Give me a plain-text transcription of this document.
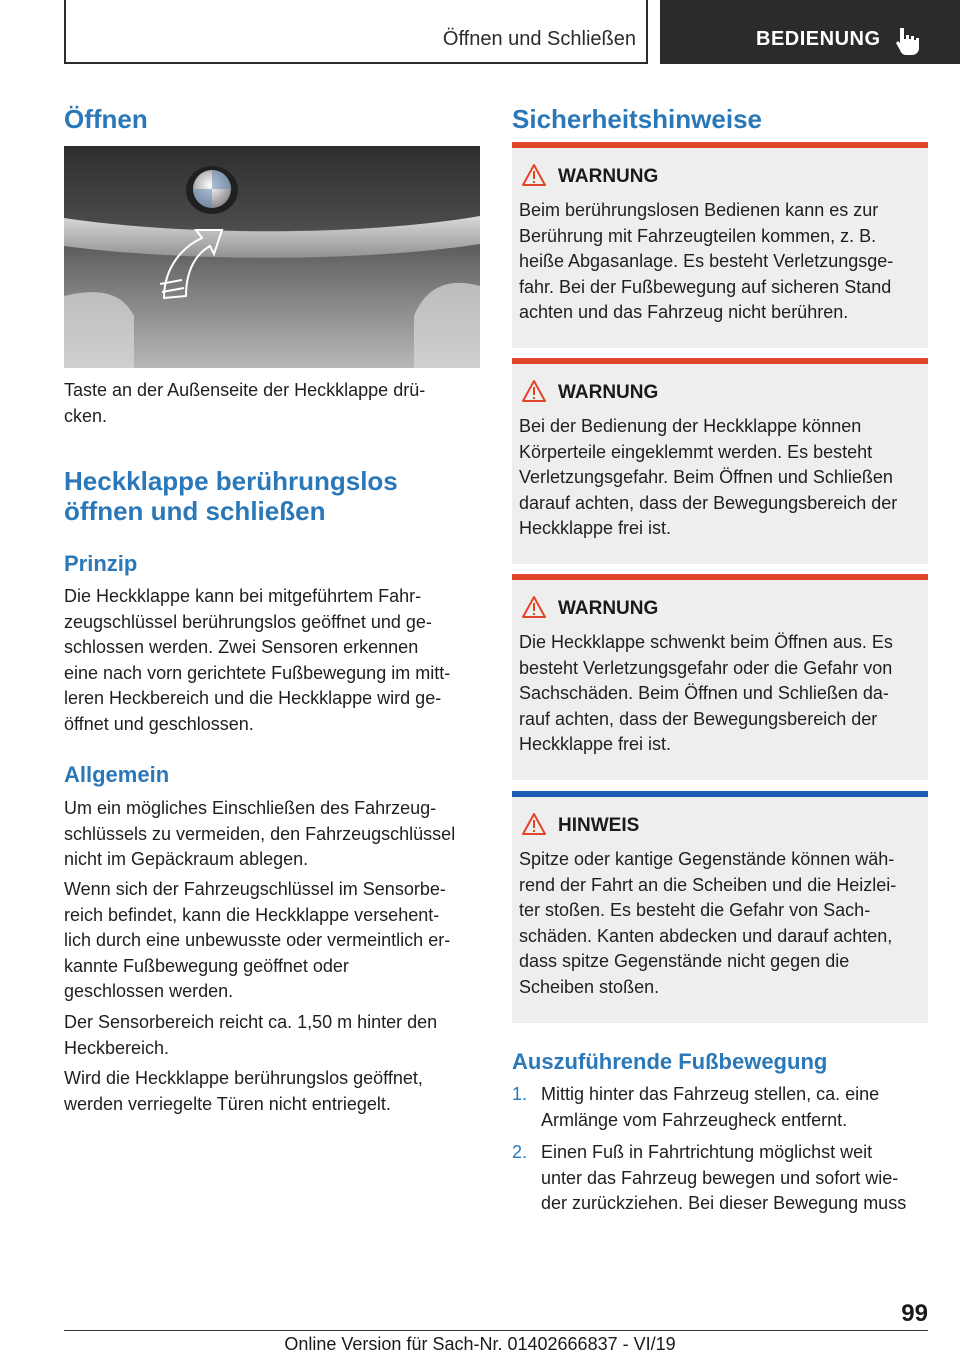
Öffnen und Schließen	BEDIENUNG
Öffnen
Taste an der Außenseite der Heckklappe drü-
cken.
Heckklappe berührungslos
öffnen und schließen
Prinzip
Die Heckklappe kann bei mitgeführtem Fahr-
zeugschlüssel berührungslos geöffnet und ge-
schlossen werden. Zwei Sensoren erkennen
eine nach vorn gerichtete Fußbewegung im mitt-
leren Heckbereich und die Heckklappe wird ge-
öffnet und geschlossen.
Allgemein
Um ein mögliches Einschließen des Fahrzeug-
schlüssels zu vermeiden, den Fahrzeugschlüssel
nicht im Gepäckraum ablegen.
Wenn sich der Fahrzeugschlüssel im Sensorbe-
reich befindet, kann die Heckklappe versehent-
lich durch eine unbewusste oder vermeintlich er-
kannte Fußbewegung geöffnet oder
geschlossen werden.
Der Sensorbereich reicht ca. 1,50 m hinter den
Heckbereich.
Wird die Heckklappe berührungslos geöffnet,
werden verriegelte Türen nicht entriegelt.
Sicherheitshinweise
WARNUNG
Beim berührungslosen Bedienen kann es zur
Berührung mit Fahrzeugteilen kommen, z. B.
heiße Abgasanlage. Es besteht Verletzungsge-
fahr. Bei der Fußbewegung auf sicheren Stand
achten und das Fahrzeug nicht berühren.
WARNUNG
Bei der Bedienung der Heckklappe können
Körperteile eingeklemmt werden. Es besteht
Verletzungsgefahr. Beim Öffnen und Schließen
darauf achten, dass der Bewegungsbereich der
Heckklappe frei ist.
WARNUNG
Die Heckklappe schwenkt beim Öffnen aus. Es
besteht Verletzungsgefahr oder die Gefahr von
Sachschäden. Beim Öffnen und Schließen da-
rauf achten, dass der Bewegungsbereich der
Heckklappe frei ist.
HINWEIS
Spitze oder kantige Gegenstände können wäh-
rend der Fahrt an die Scheiben und die Heizlei-
ter stoßen. Es besteht die Gefahr von Sach-
schäden. Kanten abdecken und darauf achten,
dass spitze Gegenstände nicht gegen die
Scheiben stoßen.
Auszuführende Fußbewegung
1. Mittig hinter das Fahrzeug stellen, ca. eine
Armlänge vom Fahrzeugheck entfernt.
2. Einen Fuß in Fahrtrichtung möglichst weit
unter das Fahrzeug bewegen und sofort wie-
der zurückziehen. Bei dieser Bewegung muss
99
Online Version für Sach-Nr. 01402666837 - VI/19
